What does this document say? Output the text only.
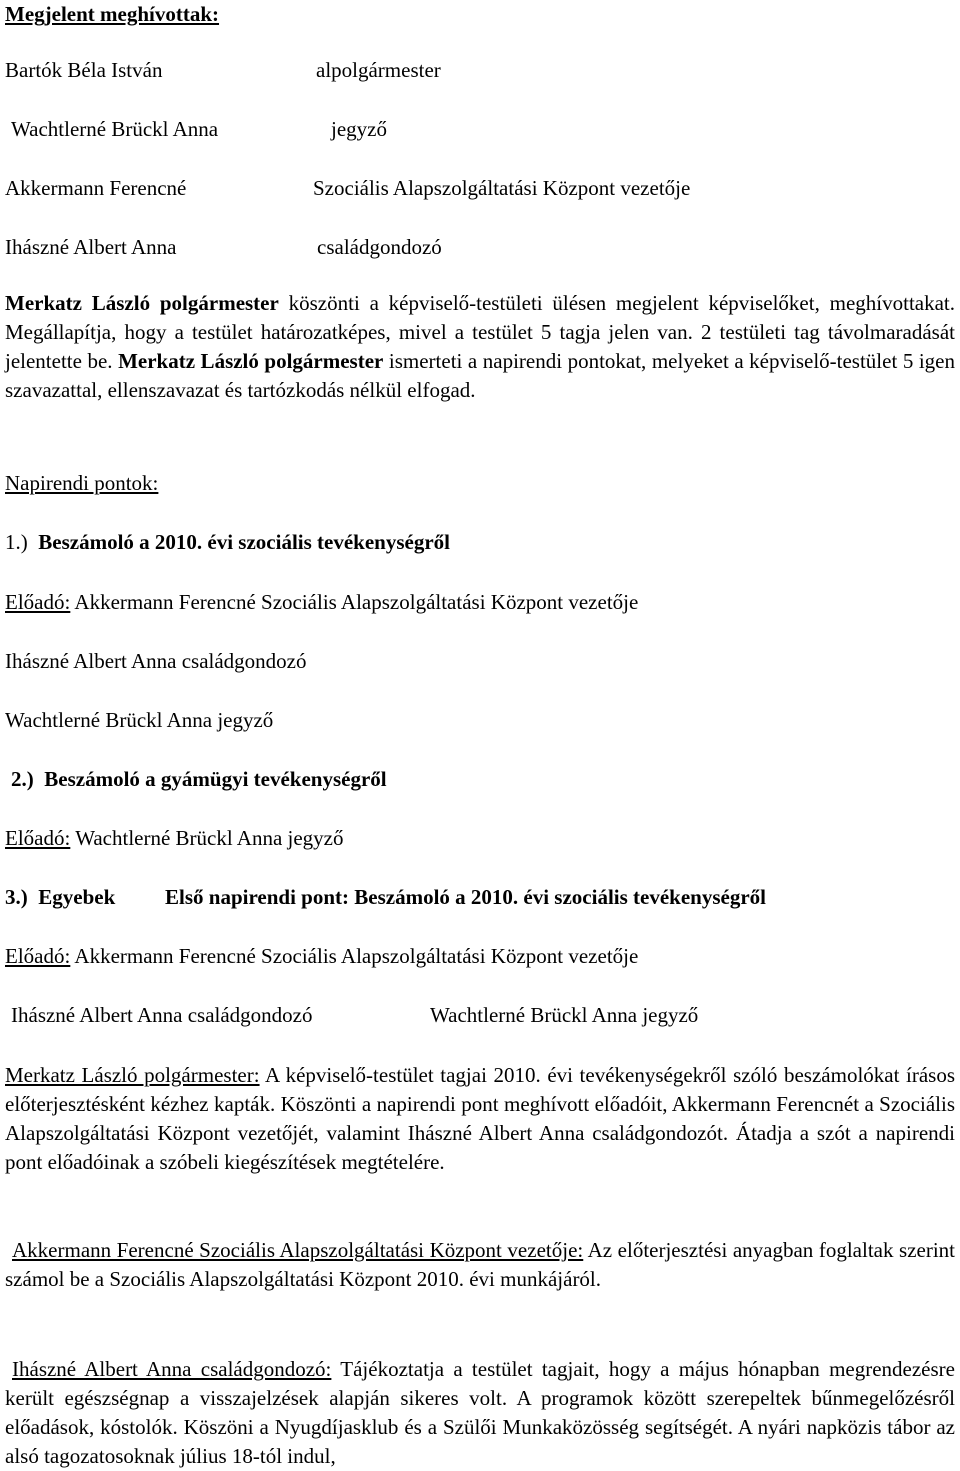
Megjelent meghívottak:
Bartók Béla István	alpolgármester
Wachtlerné Brückl Anna	jegyző
Akkermann Ferencné	Szociális Alapszolgáltatási Központ vezetője
Ihászné Albert Anna	családgondozó
Merkatz László polgármester köszönti a képviselő-testületi ülésen megjelent képviselőket, meghívottakat. Megállapítja, hogy a testület határozatképes, mivel a testület 5 tagja jelen van. 2 testületi tag távolmaradását jelentette be. Merkatz László polgármester ismerteti a napirendi pontokat, melyeket a képviselő-testület 5 igen szavazattal, ellenszavazat és tartózkodás nélkül elfogad.
Napirendi pontok:
1.) Beszámoló a 2010. évi szociális tevékenységről
Előadó: Akkermann Ferencné Szociális Alapszolgáltatási Központ vezetője
Ihászné Albert Anna családgondozó
Wachtlerné Brückl Anna jegyző
2.) Beszámoló a gyámügyi tevékenységről
Előadó: Wachtlerné Brückl Anna jegyző
3.) Egyebek Első napirendi pont: Beszámoló a 2010. évi szociális tevékenységről
Előadó: Akkermann Ferencné Szociális Alapszolgáltatási Központ vezetője
Ihászné Albert Anna családgondozó	Wachtlerné Brückl Anna jegyző
Merkatz László polgármester: A képviselő-testület tagjai 2010. évi tevékenységekről szóló beszámolókat írásos előterjesztésként kézhez kapták. Köszönti a napirendi pont meghívott előadóit, Akkermann Ferencnét a Szociális Alapszolgáltatási Központ vezetőjét, valamint Ihászné Albert Anna családgondozót. Átadja a szót a napirendi pont előadóinak a szóbeli kiegészítések megtételére.
Akkermann Ferencné Szociális Alapszolgáltatási Központ vezetője: Az előterjesztési anyagban foglaltak szerint számol be a Szociális Alapszolgáltatási Központ 2010. évi munkájáról.
Ihászné Albert Anna családgondozó: Tájékoztatja a testület tagjait, hogy a május hónapban megrendezésre került egészségnap a visszajelzések alapján sikeres volt. A programok között szerepeltek bűnmegelőzésről előadások, kóstolók. Köszöni a Nyugdíjasklub és a Szülői Munkaközösség segítségét. A nyári napközis tábor az alsó tagozatosoknak július 18-tól indul,
